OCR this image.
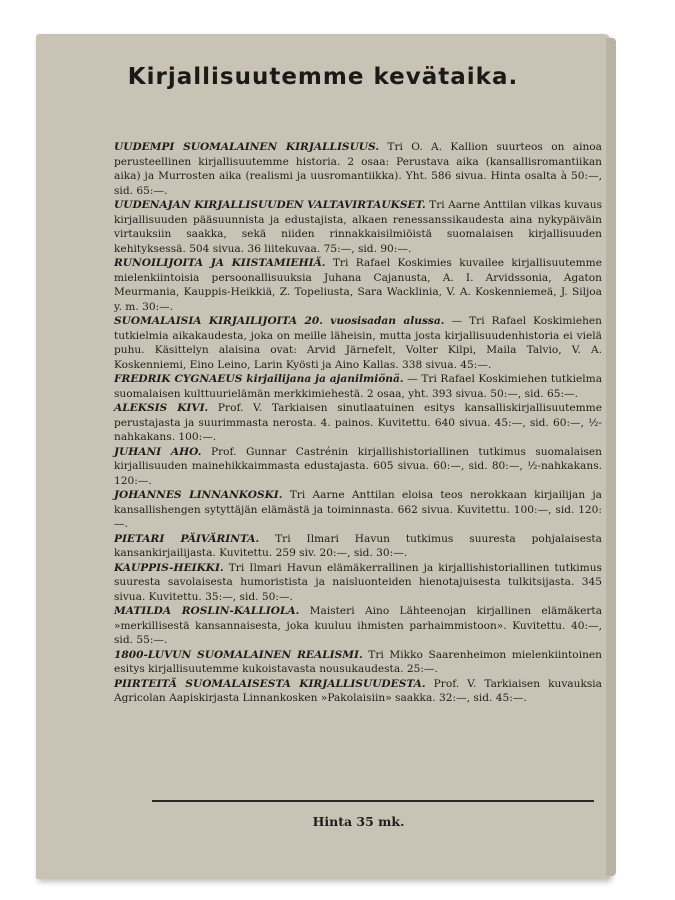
Kirjallisuutemme kevätaika.

UUDEMPI SUOMALAINEN KIRJALLISUUS. Tri O. A. Kallion suurteos on ainoa perusteellinen kirjallisuutemme historia. 2 osaa: Perustava aika (kansallisromantiikan aika) ja Murrosten aika (realismi ja uusromantiikka). Yht. 586 sivua. Hinta osalta à 50:—, sid. 65:—.

UUDENAJAN KIRJALLISUUDEN VALTAVIRTAUKSET. Tri Aarne Anttilan vilkas kuvaus kirjallisuuden pääsuunnista ja edustajista, alkaen renessanssikaudesta aina nykypäiväin virtauksiin saakka, sekä niiden rinnakkaisilmiöistä suomalaisen kirjallisuuden kehityksessä. 504 sivua. 36 liitekuvaa. 75:—, sid. 90:—.

RUNOILIJOITA JA KIISTAMIEHIÄ. Tri Rafael Koskimies kuvailee kirjallisuutemme mielenkiintoisia persoonallisuuksia Juhana Cajanusta, A. I. Arvidssonia, Agaton Meurmania, Kauppis-Heikkiä, Z. Topeliusta, Sara Wacklinia, V. A. Koskenniemeä, J. Siljoa y. m. 30:—.

SUOMALAISIA KIRJAILIJOITA 20. vuosisadan alussa. — Tri Rafael Koskimiehen tutkielmia aikakaudesta, joka on meille läheisin, mutta josta kirjallisuudenhistoria ei vielä puhu. Käsittelyn alaisina ovat: Arvid Järnefelt, Volter Kilpi, Maila Talvio, V. A. Koskenniemi, Eino Leino, Larin Kyösti ja Aino Kallas. 338 sivua. 45:—.

FREDRIK CYGNAEUS kirjailijana ja ajanilmiönä. — Tri Rafael Koskimiehen tutkielma suomalaisen kulttuurielämän merkkimiehestä. 2 osaa, yht. 393 sivua. 50:—, sid. 65:—.

ALEKSIS KIVI. Prof. V. Tarkiaisen sinutlaatuinen esitys kansalliskirjallisuutemme perustajasta ja suurimmasta nerosta. 4. painos. Kuvitettu. 640 sivua. 45:—, sid. 60:—, ½-nahkakans. 100:—.

JUHANI AHO. Prof. Gunnar Castrénin kirjallishistoriallinen tutkimus suomalaisen kirjallisuuden mainehikkaimmasta edustajasta. 605 sivua. 60:—, sid. 80:—, ½-nahkakans. 120:—.

JOHANNES LINNANKOSKI. Tri Aarne Anttilan eloisa teos nerokkaan kirjailijan ja kansallishengen sytyttäjän elämästä ja toiminnasta. 662 sivua. Kuvitettu. 100:—, sid. 120:—.

PIETARI PÄIVÄRINTA. Tri Ilmari Havun tutkimus suuresta pohjalaisesta kansankirjailijasta. Kuvitettu. 259 siv. 20:—, sid. 30:—.

KAUPPIS-HEIKKI. Tri Ilmari Havun elämäkerrallinen ja kirjallishistoriallinen tutkimus suuresta savolaisesta humoristista ja naisluonteiden hienotajuisesta tulkitsijasta. 345 sivua. Kuvitettu. 35:—, sid. 50:—.

MATILDA ROSLIN-KALLIOLA. Maisteri Aino Lähteenojan kirjallinen elämäkerta »merkillisestä kansannaisesta, joka kuuluu ihmisten parhaimmistoon». Kuvitettu. 40:—, sid. 55:—.

1800-LUVUN SUOMALAINEN REALISMI. Tri Mikko Saarenheimon mielenkiintoinen esitys kirjallisuutemme kukoistavasta nousukaudesta. 25:—.

PIIRTEITÄ SUOMALAISESTA KIRJALLISUUDESTA. Prof. V. Tarkiaisen kuvauksia Agricolan Aapiskirjasta Linnankosken »Pakolaisiin» saakka. 32:—, sid. 45:—.

Hinta 35 mk.
